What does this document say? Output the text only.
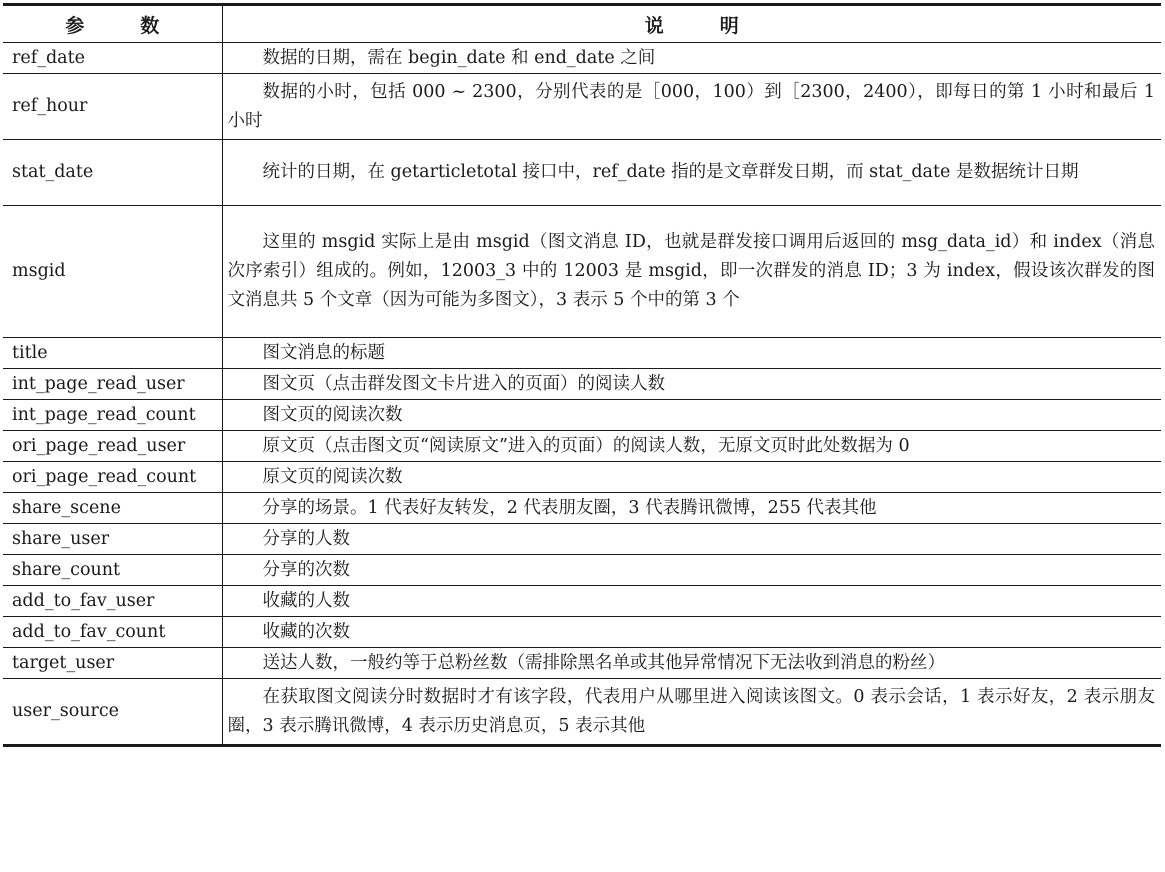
参 数	说 明
ref_date	数据的日期，需在 begin_date 和 end_date 之间
ref_hour	数据的小时，包括 000 ~ 2300，分别代表的是［000，100）到［2300，2400），即每日的第 1 小时和最后 1 小时
stat_date	统计的日期，在 getarticletotal 接口中，ref_date 指的是文章群发日期，而 stat_date 是数据统计日期
msgid	这里的 msgid 实际上是由 msgid（图文消息 ID，也就是群发接口调用后返回的 msg_data_id）和 index（消息次序索引）组成的。例如，12003_3 中的 12003 是 msgid，即一次群发的消息 ID；3 为 index，假设该次群发的图文消息共 5 个文章（因为可能为多图文），3 表示 5 个中的第 3 个
title	图文消息的标题
int_page_read_user	图文页（点击群发图文卡片进入的页面）的阅读人数
int_page_read_count	图文页的阅读次数
ori_page_read_user	原文页（点击图文页“阅读原文”进入的页面）的阅读人数，无原文页时此处数据为 0
ori_page_read_count	原文页的阅读次数
share_scene	分享的场景。1 代表好友转发，2 代表朋友圈，3 代表腾讯微博，255 代表其他
share_user	分享的人数
share_count	分享的次数
add_to_fav_user	收藏的人数
add_to_fav_count	收藏的次数
target_user	送达人数，一般约等于总粉丝数（需排除黑名单或其他异常情况下无法收到消息的粉丝）
user_source	在获取图文阅读分时数据时才有该字段，代表用户从哪里进入阅读该图文。0 表示会话，1 表示好友，2 表示朋友圈，3 表示腾讯微博，4 表示历史消息页，5 表示其他
